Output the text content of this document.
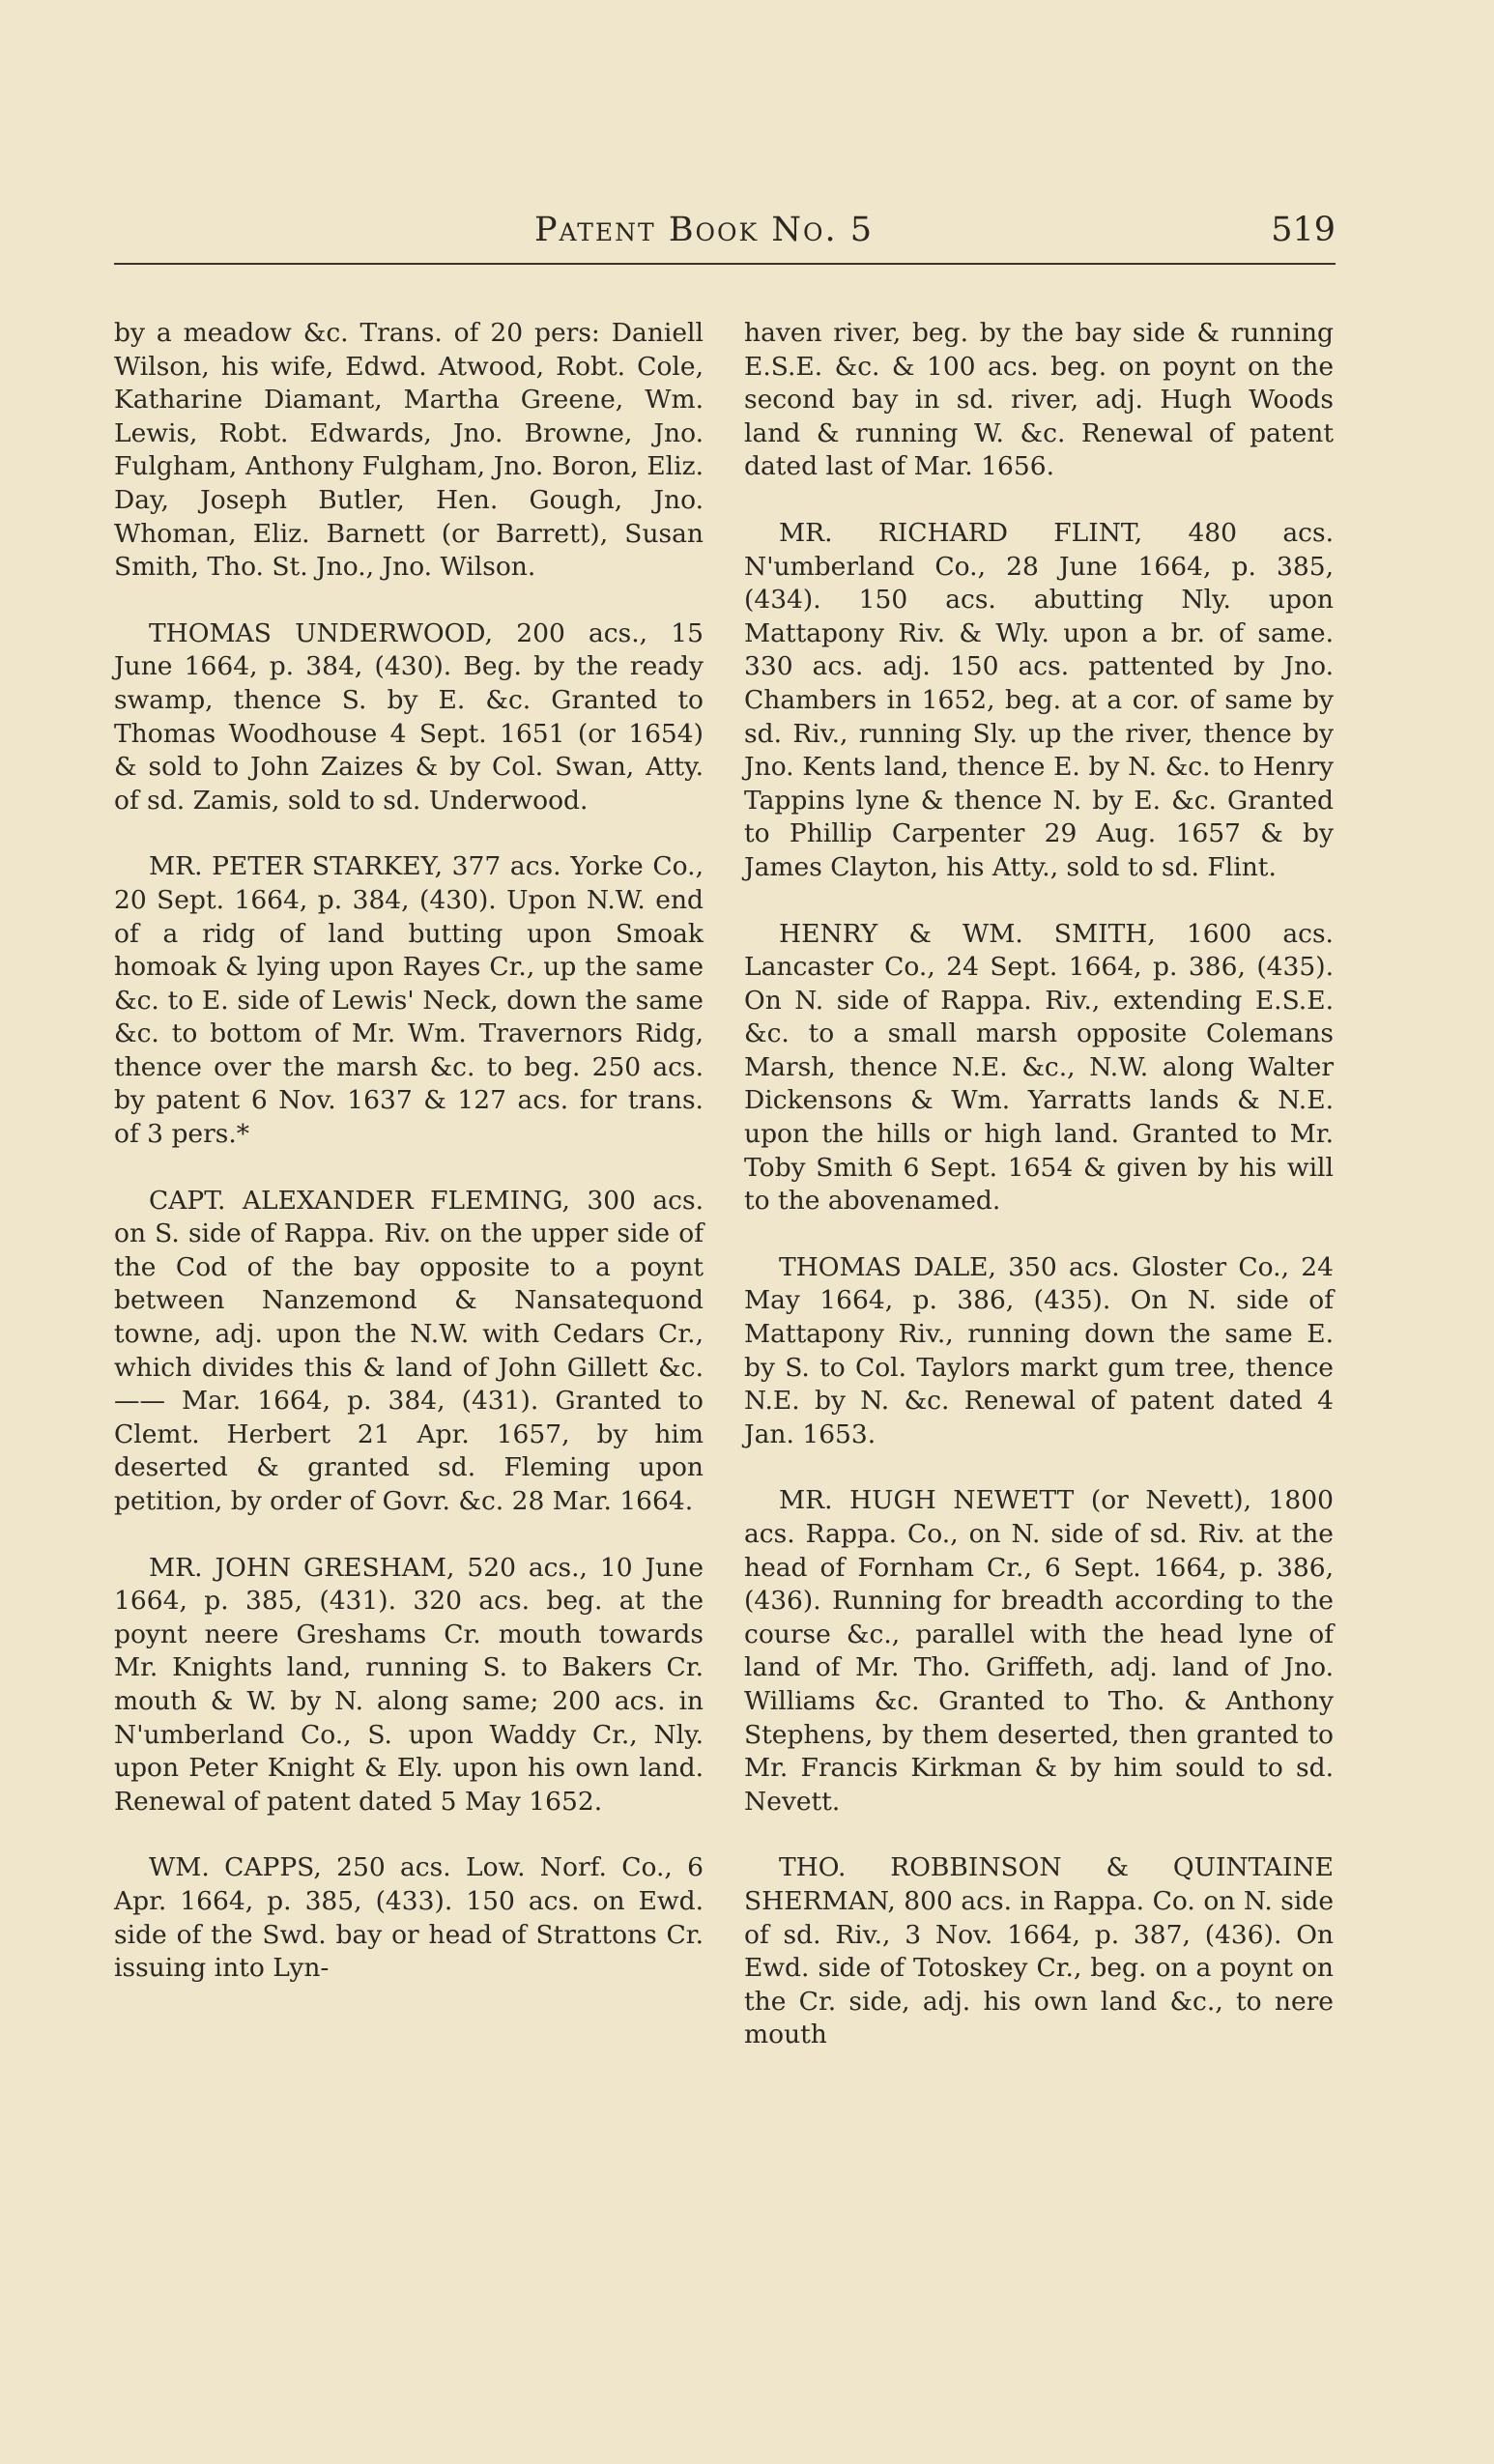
Patent Book No. 5	519

by a meadow &c. Trans. of 20 pers: Daniell Wilson, his wife, Edwd. Atwood, Robt. Cole, Katharine Diamant, Martha Greene, Wm. Lewis, Robt. Edwards, Jno. Browne, Jno. Fulgham, Anthony Fulgham, Jno. Boron, Eliz. Day, Joseph Butler, Hen. Gough, Jno. Whoman, Eliz. Barnett (or Barrett), Susan Smith, Tho. St. Jno., Jno. Wilson.

THOMAS UNDERWOOD, 200 acs., 15 June 1664, p. 384, (430). Beg. by the ready swamp, thence S. by E. &c. Granted to Thomas Woodhouse 4 Sept. 1651 (or 1654) & sold to John Zaizes & by Col. Swan, Atty. of sd. Zamis, sold to sd. Underwood.

MR. PETER STARKEY, 377 acs. Yorke Co., 20 Sept. 1664, p. 384, (430). Upon N.W. end of a ridg of land butting upon Smoak homoak & lying upon Rayes Cr., up the same &c. to E. side of Lewis' Neck, down the same &c. to bottom of Mr. Wm. Travernors Ridg, thence over the marsh &c. to beg. 250 acs. by patent 6 Nov. 1637 & 127 acs. for trans. of 3 pers.*

CAPT. ALEXANDER FLEMING, 300 acs. on S. side of Rappa. Riv. on the upper side of the Cod of the bay opposite to a poynt between Nanzemond & Nansatequond towne, adj. upon the N.W. with Cedars Cr., which divides this & land of John Gillett &c. —— Mar. 1664, p. 384, (431). Granted to Clemt. Herbert 21 Apr. 1657, by him deserted & granted sd. Fleming upon petition, by order of Govr. &c. 28 Mar. 1664.

MR. JOHN GRESHAM, 520 acs., 10 June 1664, p. 385, (431). 320 acs. beg. at the poynt neere Greshams Cr. mouth towards Mr. Knights land, running S. to Bakers Cr. mouth & W. by N. along same; 200 acs. in N'umberland Co., S. upon Waddy Cr., Nly. upon Peter Knight & Ely. upon his own land. Renewal of patent dated 5 May 1652.

WM. CAPPS, 250 acs. Low. Norf. Co., 6 Apr. 1664, p. 385, (433). 150 acs. on Ewd. side of the Swd. bay or head of Strattons Cr. issuing into Lyn-

haven river, beg. by the bay side & running E.S.E. &c. & 100 acs. beg. on poynt on the second bay in sd. river, adj. Hugh Woods land & running W. &c. Renewal of patent dated last of Mar. 1656.

MR. RICHARD FLINT, 480 acs. N'umberland Co., 28 June 1664, p. 385, (434). 150 acs. abutting Nly. upon Mattapony Riv. & Wly. upon a br. of same. 330 acs. adj. 150 acs. pattented by Jno. Chambers in 1652, beg. at a cor. of same by sd. Riv., running Sly. up the river, thence by Jno. Kents land, thence E. by N. &c. to Henry Tappins lyne & thence N. by E. &c. Granted to Phillip Carpenter 29 Aug. 1657 & by James Clayton, his Atty., sold to sd. Flint.

HENRY & WM. SMITH, 1600 acs. Lancaster Co., 24 Sept. 1664, p. 386, (435). On N. side of Rappa. Riv., extending E.S.E. &c. to a small marsh opposite Colemans Marsh, thence N.E. &c., N.W. along Walter Dickensons & Wm. Yarratts lands & N.E. upon the hills or high land. Granted to Mr. Toby Smith 6 Sept. 1654 & given by his will to the abovenamed.

THOMAS DALE, 350 acs. Gloster Co., 24 May 1664, p. 386, (435). On N. side of Mattapony Riv., running down the same E. by S. to Col. Taylors markt gum tree, thence N.E. by N. &c. Renewal of patent dated 4 Jan. 1653.

MR. HUGH NEWETT (or Nevett), 1800 acs. Rappa. Co., on N. side of sd. Riv. at the head of Fornham Cr., 6 Sept. 1664, p. 386, (436). Running for breadth according to the course &c., parallel with the head lyne of land of Mr. Tho. Griffeth, adj. land of Jno. Williams &c. Granted to Tho. & Anthony Stephens, by them deserted, then granted to Mr. Francis Kirkman & by him sould to sd. Nevett.

THO. ROBBINSON & QUINTAINE SHERMAN, 800 acs. in Rappa. Co. on N. side of sd. Riv., 3 Nov. 1664, p. 387, (436). On Ewd. side of Totoskey Cr., beg. on a poynt on the Cr. side, adj. his own land &c., to nere mouth
